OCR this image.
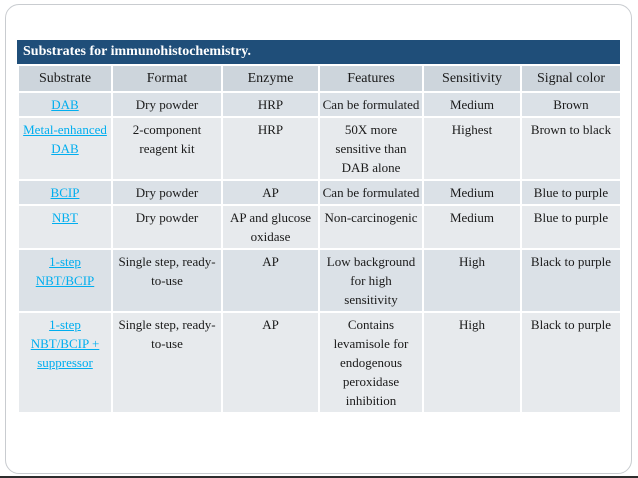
Substrates for immunohistochemistry.
Substrate	Format	Enzyme	Features	Sensitivity	Signal color
DAB	Dry powder	HRP	Can be formulated	Medium	Brown
Metal-enhanced DAB	2-component reagent kit	HRP	50X more sensitive than DAB alone	Highest	Brown to black
BCIP	Dry powder	AP	Can be formulated	Medium	Blue to purple
NBT	Dry powder	AP and glucose oxidase	Non-carcinogenic	Medium	Blue to purple
1-step NBT/BCIP	Single step, ready-to-use	AP	Low background for high sensitivity	High	Black to purple
1-step NBT/BCIP + suppressor	Single step, ready-to-use	AP	Contains levamisole for endogenous peroxidase inhibition	High	Black to purple
